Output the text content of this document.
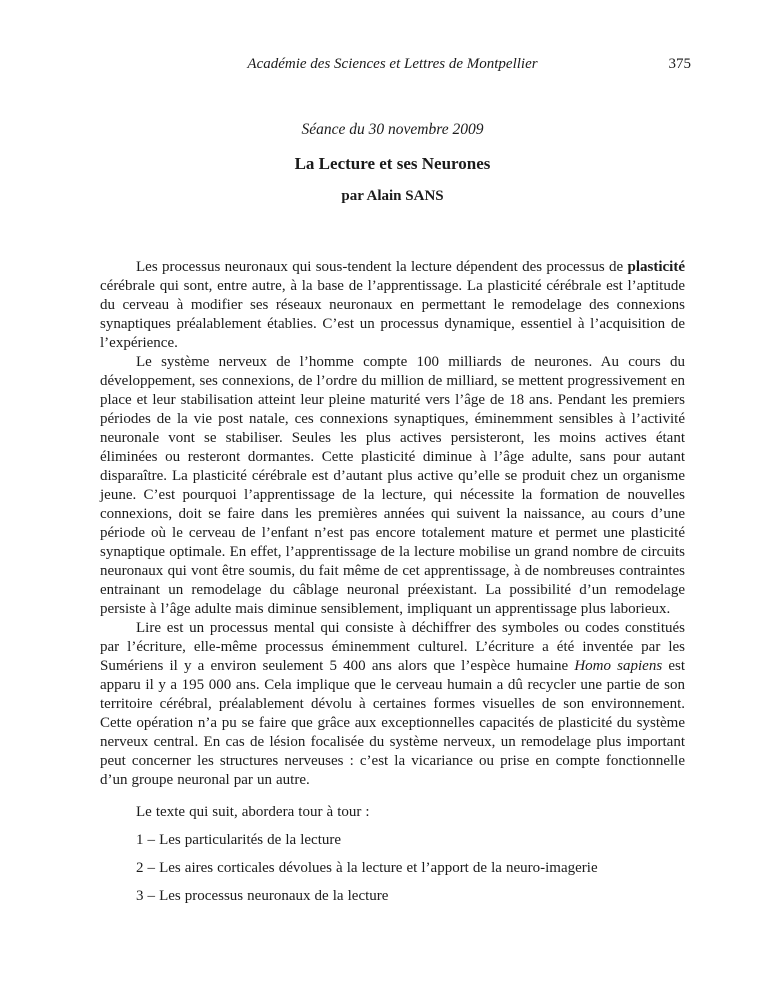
Académie des Sciences et Lettres de Montpellier	375
Séance du 30 novembre 2009
La Lecture et ses Neurones
par Alain SANS

Les processus neuronaux qui sous-tendent la lecture dépendent des processus de plasticité cérébrale qui sont, entre autre, à la base de l’apprentissage. La plasticité cérébrale est l’aptitude du cerveau à modifier ses réseaux neuronaux en permettant le remodelage des connexions synaptiques préalablement établies. C’est un processus dynamique, essentiel à l’acquisition de l’expérience.

Le système nerveux de l’homme compte 100 milliards de neurones. Au cours du développement, ses connexions, de l’ordre du million de milliard, se mettent progressivement en place et leur stabilisation atteint leur pleine maturité vers l’âge de 18 ans. Pendant les premiers périodes de la vie post natale, ces connexions synaptiques, éminemment sensibles à l’activité neuronale vont se stabiliser. Seules les plus actives persisteront, les moins actives étant éliminées ou resteront dormantes. Cette plasticité diminue à l’âge adulte, sans pour autant disparaître. La plasticité cérébrale est d’autant plus active qu’elle se produit chez un organisme jeune. C’est pourquoi l’apprentissage de la lecture, qui nécessite la formation de nouvelles connexions, doit se faire dans les premières années qui suivent la naissance, au cours d’une période où le cerveau de l’enfant n’est pas encore totalement mature et permet une plasticité synaptique optimale. En effet, l’apprentissage de la lecture mobilise un grand nombre de circuits neuronaux qui vont être soumis, du fait même de cet apprentissage, à de nombreuses contraintes entrainant un remodelage du câblage neuronal préexistant. La possibilité d’un remodelage persiste à l’âge adulte mais diminue sensiblement, impliquant un apprentissage plus laborieux.

Lire est un processus mental qui consiste à déchiffrer des symboles ou codes constitués par l’écriture, elle-même processus éminemment culturel. L’écriture a été inventée par les Sumériens il y a environ seulement 5 400 ans alors que l’espèce humaine Homo sapiens est apparu il y a 195 000 ans. Cela implique que le cerveau humain a dû recycler une partie de son territoire cérébral, préalablement dévolu à certaines formes visuelles de son environnement. Cette opération n’a pu se faire que grâce aux exceptionnelles capacités de plasticité du système nerveux central. En cas de lésion focalisée du système nerveux, un remodelage plus important peut concerner les structures nerveuses : c’est la vicariance ou prise en compte fonctionnelle d’un groupe neuronal par un autre.

Le texte qui suit, abordera tour à tour :

1 – Les particularités de la lecture

2 – Les aires corticales dévolues à la lecture et l’apport de la neuro-imagerie

3 – Les processus neuronaux de la lecture
